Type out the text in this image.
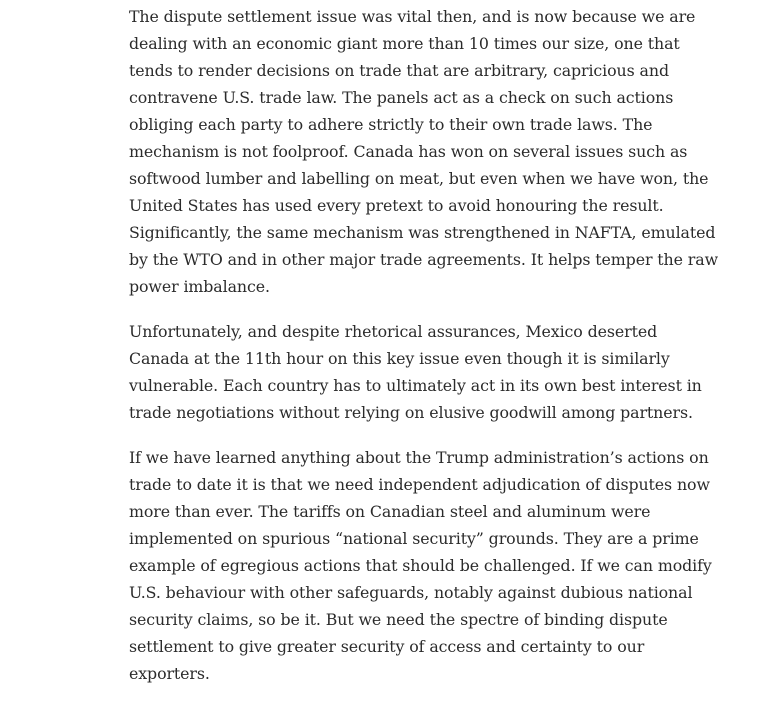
The dispute settlement issue was vital then, and is now because we are dealing with an economic giant more than 10 times our size, one that tends to render decisions on trade that are arbitrary, capricious and contravene U.S. trade law. The panels act as a check on such actions obliging each party to adhere strictly to their own trade laws. The mechanism is not foolproof. Canada has won on several issues such as softwood lumber and labelling on meat, but even when we have won, the United States has used every pretext to avoid honouring the result. Significantly, the same mechanism was strengthened in NAFTA, emulated by the WTO and in other major trade agreements. It helps temper the raw power imbalance.

Unfortunately, and despite rhetorical assurances, Mexico deserted Canada at the 11th hour on this key issue even though it is similarly vulnerable. Each country has to ultimately act in its own best interest in trade negotiations without relying on elusive goodwill among partners.

If we have learned anything about the Trump administration’s actions on trade to date it is that we need independent adjudication of disputes now more than ever. The tariffs on Canadian steel and aluminum were implemented on spurious “national security” grounds. They are a prime example of egregious actions that should be challenged. If we can modify U.S. behaviour with other safeguards, notably against dubious national security claims, so be it. But we need the spectre of binding dispute settlement to give greater security of access and certainty to our exporters.
